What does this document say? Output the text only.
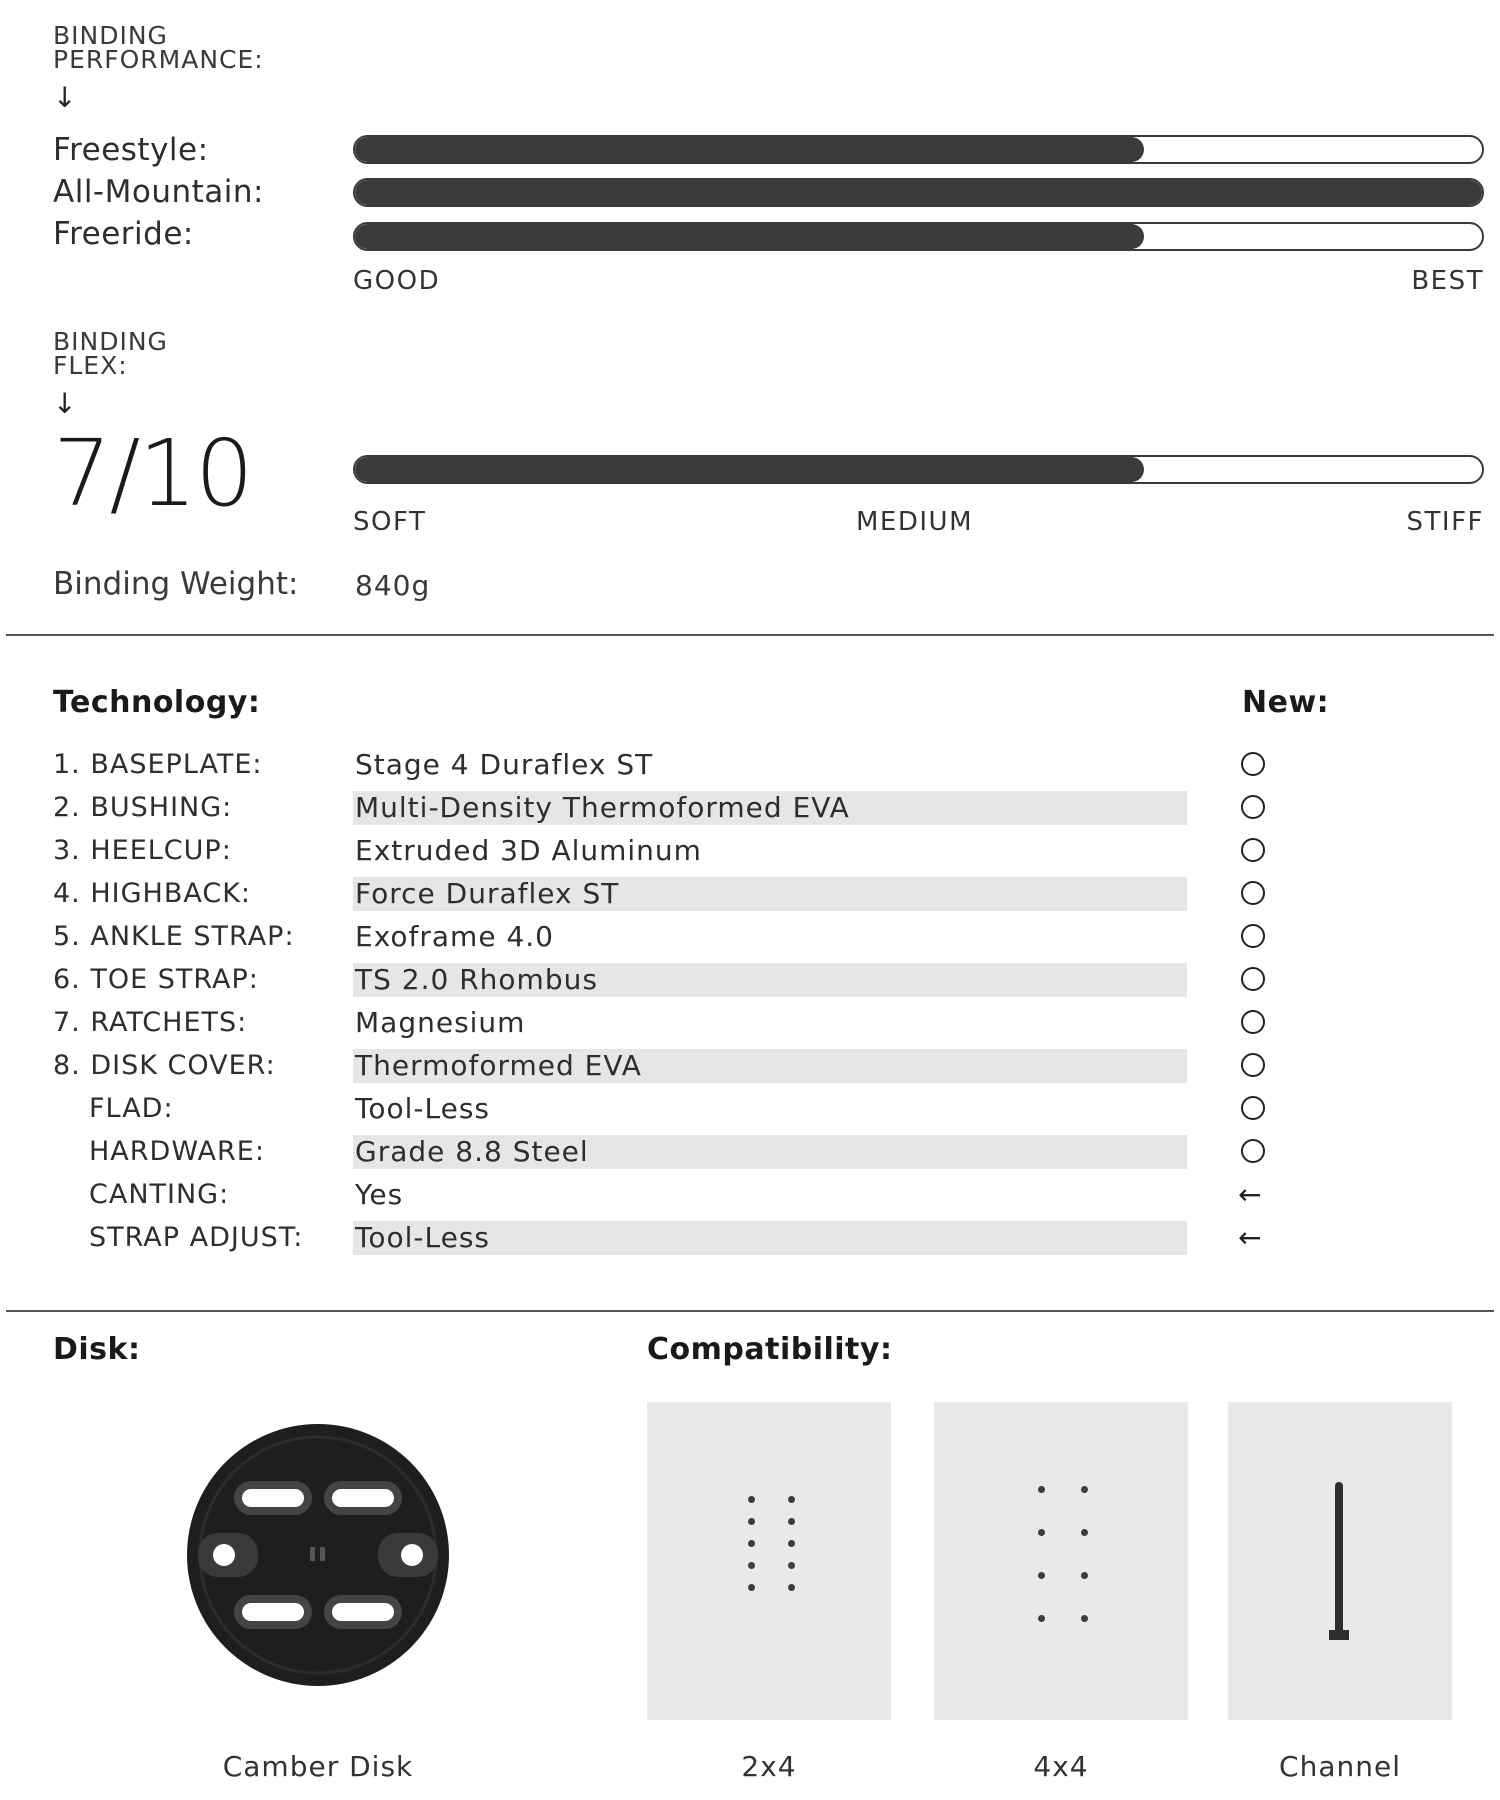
BINDING
PERFORMANCE:
↓
Freestyle:
All-Mountain:
Freeride:
GOOD	BEST
BINDING
FLEX:
↓
7/10	SOFT	MEDIUM	STIFF
Binding Weight: 840g
Technology:	New:
1. BASEPLATE:	Stage 4 Duraflex ST
2. BUSHING:	Multi-Density Thermoformed EVA
3. HEELCUP:	Extruded 3D Aluminum
4. HIGHBACK:	Force Duraflex ST
5. ANKLE STRAP: Exoframe 4.0
6. TOE STRAP:	TS 2.0 Rhombus
7. RATCHETS:	Magnesium
8. DISK COVER:	Thermoformed EVA
FLAD:	Tool-Less
HARDWARE:	Grade 8.8 Steel
CANTING:	Yes	←
STRAP ADJUST: Tool-Less	←
Disk:
Camber Disk
Compatibility:
2x4	4x4	Channel
